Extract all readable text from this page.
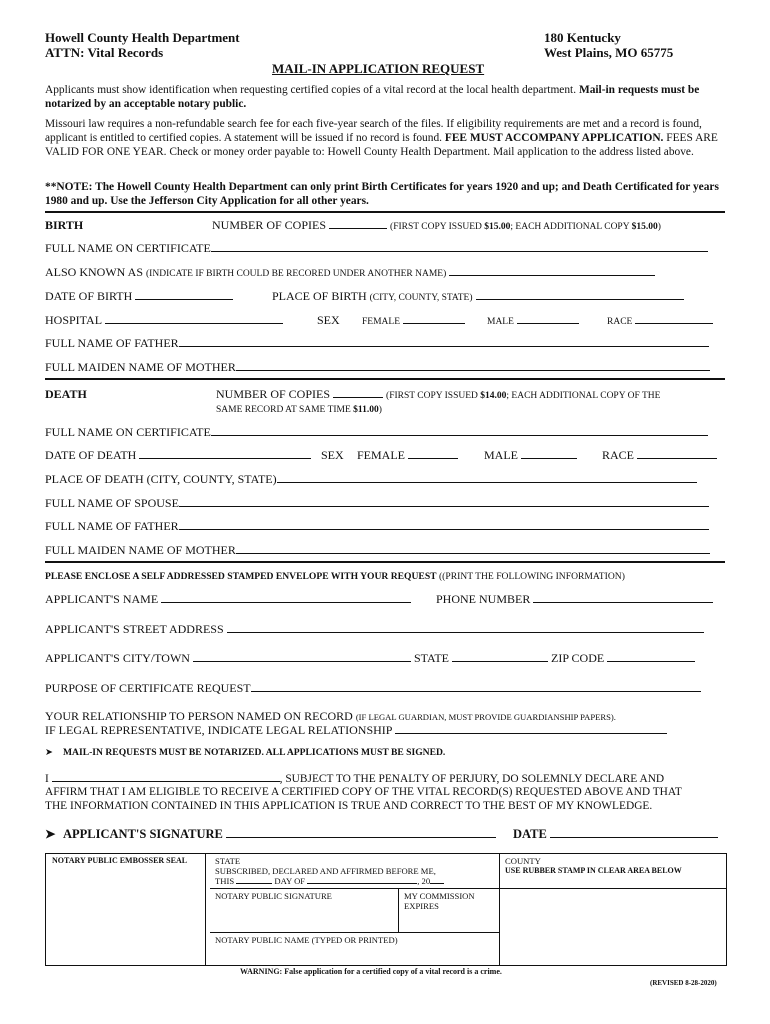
Howell County Health Department
ATTN: Vital Records
180 Kentucky
West Plains, MO 65775
MAIL-IN APPLICATION REQUEST
Applicants must show identification when requesting certified copies of a vital record at the local health department. Mail-in requests must be notarized by an acceptable notary public.
Missouri law requires a non-refundable search fee for each five-year search of the files. If eligibility requirements are met and a record is found, applicant is entitled to certified copies. A statement will be issued if no record is found. FEE MUST ACCOMPANY APPLICATION. FEES ARE VALID FOR ONE YEAR. Check or money order payable to: Howell County Health Department. Mail application to the address listed above.
**NOTE: The Howell County Health Department can only print Birth Certificates for years 1920 and up; and Death Certificated for years 1980 and up. Use the Jefferson City Application for all other years.
BIRTH	NUMBER OF COPIES	(FIRST COPY ISSUED $15.00; EACH ADDITIONAL COPY $15.00)
FULL NAME ON CERTIFICATE
ALSO KNOWN AS (INDICATE IF BIRTH COULD BE RECORED UNDER ANOTHER NAME)
DATE OF BIRTH	PLACE OF BIRTH (CITY, COUNTY, STATE)
HOSPITAL	SEX FEMALE	MALE	RACE
FULL NAME OF FATHER
FULL MAIDEN NAME OF MOTHER
DEATH	NUMBER OF COPIES	(FIRST COPY ISSUED $14.00; EACH ADDITIONAL COPY OF THE
SAME RECORD AT SAME TIME $11.00)
FULL NAME ON CERTIFICATE
DATE OF DEATH	SEX FEMALE	MALE	RACE
PLACE OF DEATH (CITY, COUNTY, STATE)
FULL NAME OF SPOUSE
FULL NAME OF FATHER
FULL MAIDEN NAME OF MOTHER
PLEASE ENCLOSE A SELF ADDRESSED STAMPED ENVELOPE WITH YOUR REQUEST ((PRINT THE FOLLOWING INFORMATION)
APPLICANT'S NAME	PHONE NUMBER
APPLICANT'S STREET ADDRESS
APPLICANT'S CITY/TOWN	STATE	ZIP CODE
PURPOSE OF CERTIFICATE REQUEST
YOUR RELATIONSHIP TO PERSON NAMED ON RECORD (IF LEGAL GUARDIAN, MUST PROVIDE GUARDIANSHIP PAPERS).
IF LEGAL REPRESENTATIVE, INDICATE LEGAL RELATIONSHIP
➤ MAIL-IN REQUESTS MUST BE NOTARIZED. ALL APPLICATIONS MUST BE SIGNED.
I	, SUBJECT TO THE PENALTY OF PERJURY, DO SOLEMNLY DECLARE AND
AFFIRM THAT I AM ELIGIBLE TO RECEIVE A CERTIFIED COPY OF THE VITAL RECORD(S) REQUESTED ABOVE AND THAT
THE INFORMATION CONTAINED IN THIS APPLICATION IS TRUE AND CORRECT TO THE BEST OF MY KNOWLEDGE.
➤ APPLICANT'S SIGNATURE	DATE
NOTARY PUBLIC EMBOSSER SEAL	STATE
SUBSCRIBED, DECLARED AND AFFIRMED BEFORE ME,
THIS	DAY OF	, 20
COUNTY
USE RUBBER STAMP IN CLEAR AREA BELOW
NOTARY PUBLIC SIGNATURE	MY COMMISSION EXPIRES
NOTARY PUBLIC NAME (TYPED OR PRINTED)
WARNING: False application for a certified copy of a vital record is a crime.
(REVISED 8-28-2020)
